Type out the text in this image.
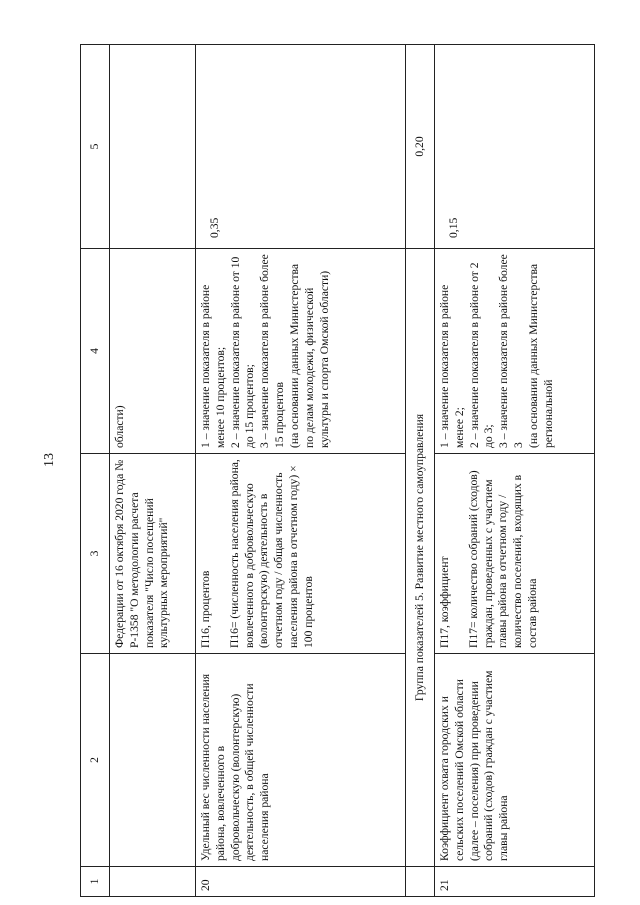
13
1	2	3	4	5
		Федерации от 16 октября 2020 года № Р-1358 "О методологии расчета показателя "Число посещений культурных мероприятий"	области)	
20	Удельный вес численности населения района, вовлеченного в добровольческую (волонтерскую) деятельность, в общей численности населения района	П16, процентов П16= (численность населения района, вовлеченного в добровольческую (волонтерскую) деятельность в отчетном году / общая численность населения района в отчетном году) × 100 процентов	1 – значение показателя в районе менее 10 процентов;
2 – значение показателя в районе от 10 до 15 процентов;
3 – значение показателя в районе более 15 процентов
(на основании данных Министерства по делам молодежи, физической культуры и спорта Омской области)	0,35
	Группа показателей 5. Развитие местного самоуправления			0,20
21	Коэффициент охвата городских и сельских поселений Омской области (далее – поселения) при проведении собраний (сходов) граждан с участием главы района	П17, коэффициент П17= количество собраний (сходов) граждан, проведенных с участием главы района в отчетном году / количество поселений, входящих в состав района	1 – значение показателя в районе менее 2;
2 – значение показателя в районе от 2 до 3;
3 – значение показателя в районе более 3
(на основании данных Министерства региональной	0,15
